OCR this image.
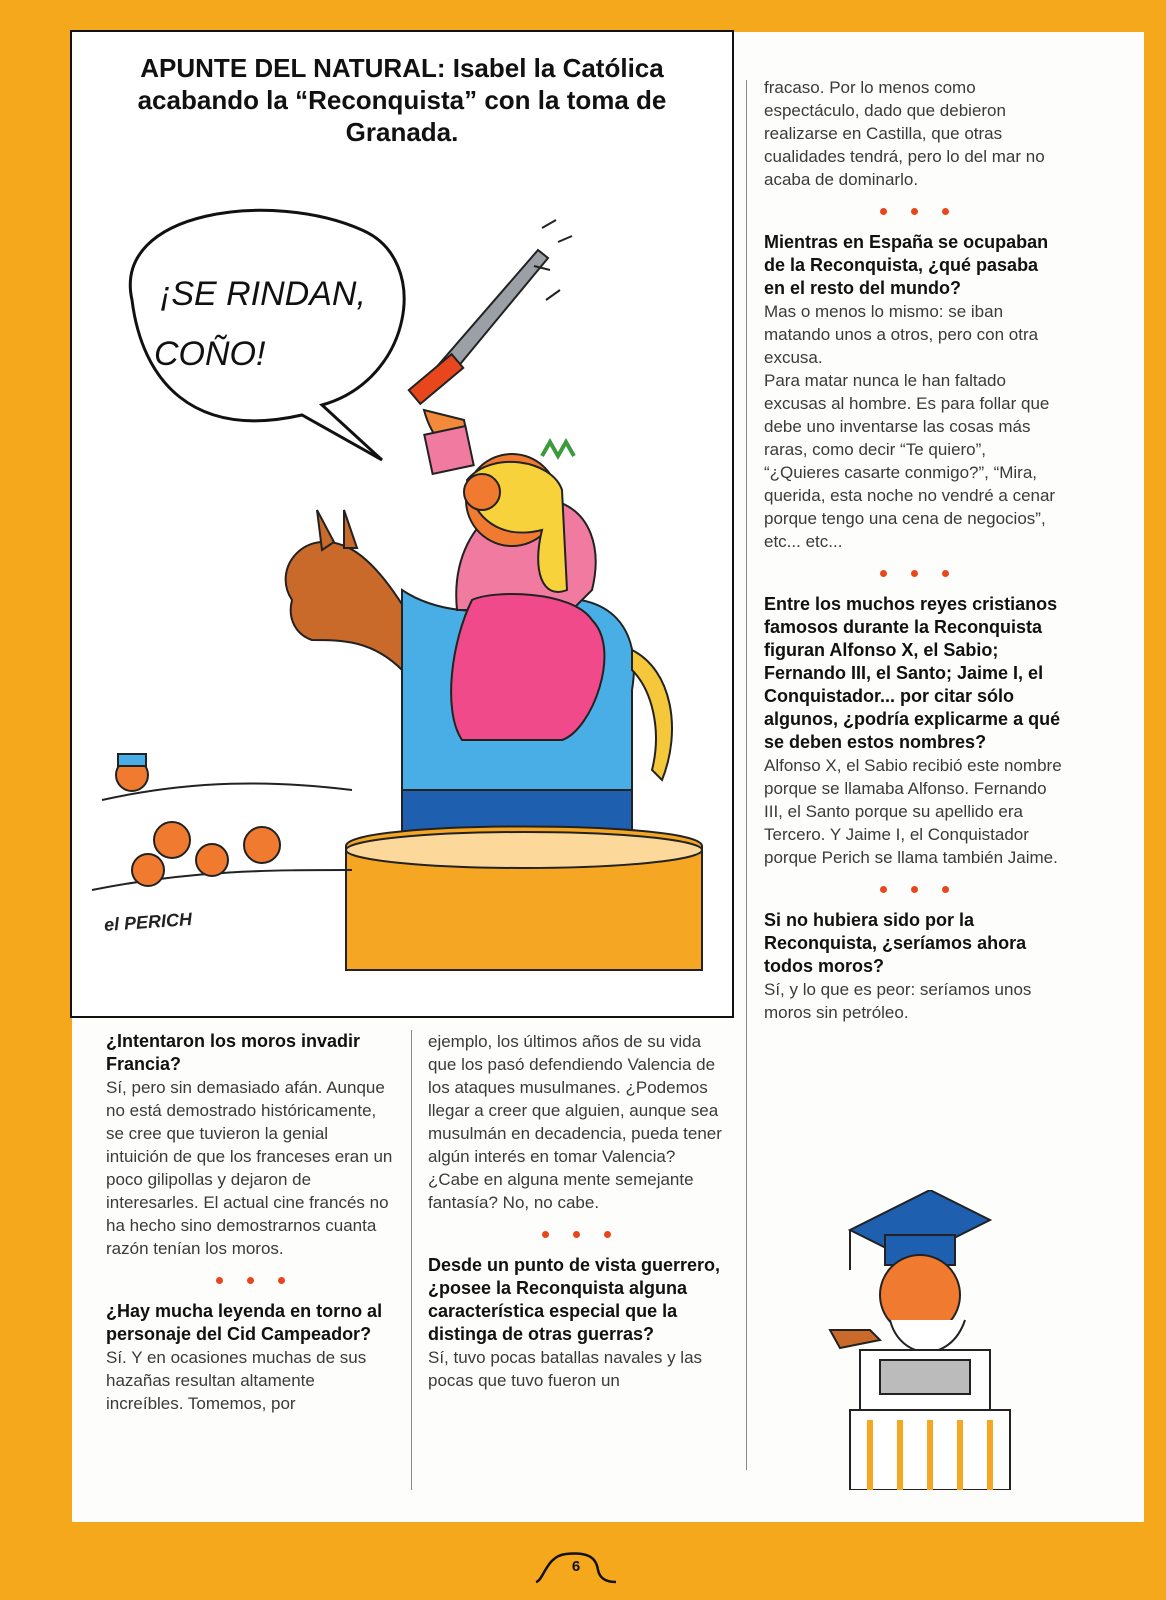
APUNTE DEL NATURAL: Isabel la Católica acabando la “Reconquista” con la toma de Granada.
¡SE RINDAN,
COÑO!
el PERICH

fracaso. Por lo menos como espectáculo, dado que debieron realizarse en Castilla, que otras cualidades tendrá, pero lo del mar no acaba de dominarlo.

Mientras en España se ocupaban de la Reconquista, ¿qué pasaba en el resto del mundo?

Mas o menos lo mismo: se iban matando unos a otros, pero con otra excusa.

Para matar nunca le han faltado excusas al hombre. Es para follar que debe uno inventarse las cosas más raras, como decir “Te quiero”, “¿Quieres casarte conmigo?”, “Mira, querida, esta noche no vendré a cenar porque tengo una cena de negocios”, etc... etc...

Entre los muchos reyes cristianos famosos durante la Reconquista figuran Alfonso X, el Sabio; Fernando III, el Santo; Jaime I, el Conquistador... por citar sólo algunos, ¿podría explicarme a qué se deben estos nombres?

Alfonso X, el Sabio recibió este nombre porque se llamaba Alfonso. Fernando III, el Santo porque su apellido era Tercero. Y Jaime I, el Conquistador porque Perich se llama también Jaime.

Si no hubiera sido por la Reconquista, ¿seríamos ahora todos moros?

Sí, y lo que es peor: seríamos unos moros sin petróleo.

¿Intentaron los moros invadir Francia?

Sí, pero sin demasiado afán. Aunque no está demostrado históricamente, se cree que tuvieron la genial intuición de que los franceses eran un poco gilipollas y dejaron de interesarles. El actual cine francés no ha hecho sino demostrarnos cuanta razón tenían los moros.

¿Hay mucha leyenda en torno al personaje del Cid Campeador?

Sí. Y en ocasiones muchas de sus hazañas resultan altamente increíbles. Tomemos, por

ejemplo, los últimos años de su vida que los pasó defendiendo Valencia de los ataques musulmanes. ¿Podemos llegar a creer que alguien, aunque sea musulmán en decadencia, pueda tener algún interés en tomar Valencia? ¿Cabe en alguna mente semejante fantasía? No, no cabe.

Desde un punto de vista guerrero, ¿posee la Reconquista alguna característica especial que la distinga de otras guerras?

Sí, tuvo pocas batallas navales y las pocas que tuvo fueron un

6
